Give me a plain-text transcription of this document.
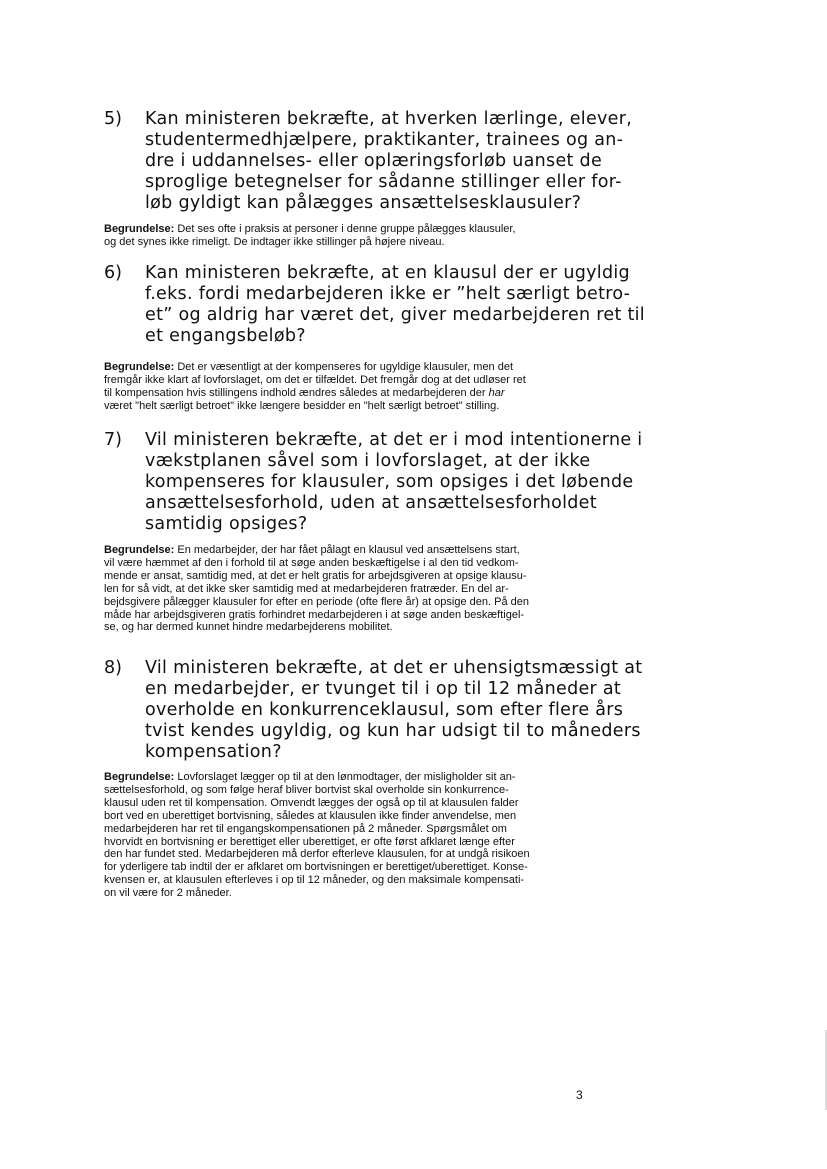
5) Kan ministeren bekræfte, at hverken lærlinge, elever,
studentermedhjælpere, praktikanter, trainees og an-
dre i uddannelses- eller oplæringsforløb uanset de
sproglige betegnelser for sådanne stillinger eller for-
løb gyldigt kan pålægges ansættelsesklausuler?
Begrundelse: Det ses ofte i praksis at personer i denne gruppe pålægges klausuler,
og det synes ikke rimeligt. De indtager ikke stillinger på højere niveau.
6) Kan ministeren bekræfte, at en klausul der er ugyldig
f.eks. fordi medarbejderen ikke er ”helt særligt betro-
et” og aldrig har været det, giver medarbejderen ret til
et engangsbeløb?
Begrundelse: Det er væsentligt at der kompenseres for ugyldige klausuler, men det
fremgår ikke klart af lovforslaget, om det er tilfældet. Det fremgår dog at det udløser ret
til kompensation hvis stillingens indhold ændres således at medarbejderen der har
været "helt særligt betroet" ikke længere besidder en "helt særligt betroet" stilling.
7) Vil ministeren bekræfte, at det er i mod intentionerne i
vækstplanen såvel som i lovforslaget, at der ikke
kompenseres for klausuler, som opsiges i det løbende
ansættelsesforhold, uden at ansættelsesforholdet
samtidig opsiges?
Begrundelse: En medarbejder, der har fået pålagt en klausul ved ansættelsens start,
vil være hæmmet af den i forhold til at søge anden beskæftigelse i al den tid vedkom-
mende er ansat, samtidig med, at det er helt gratis for arbejdsgiveren at opsige klausu-
len for så vidt, at det ikke sker samtidig med at medarbejderen fratræder. En del ar-
bejdsgivere pålægger klausuler for efter en periode (ofte flere år) at opsige den. På den
måde har arbejdsgiveren gratis forhindret medarbejderen i at søge anden beskæftigel-
se, og har dermed kunnet hindre medarbejderens mobilitet.
8) Vil ministeren bekræfte, at det er uhensigtsmæssigt at
en medarbejder, er tvunget til i op til 12 måneder at
overholde en konkurrenceklausul, som efter flere års
tvist kendes ugyldig, og kun har udsigt til to måneders
kompensation?
Begrundelse: Lovforslaget lægger op til at den lønmodtager, der misligholder sit an-
sættelsesforhold, og som følge heraf bliver bortvist skal overholde sin konkurrence-
klausul uden ret til kompensation. Omvendt lægges der også op til at klausulen falder
bort ved en uberettiget bortvisning, således at klausulen ikke finder anvendelse, men
medarbejderen har ret til engangskompensationen på 2 måneder. Spørgsmålet om
hvorvidt en bortvisning er berettiget eller uberettiget, er ofte først afklaret længe efter
den har fundet sted. Medarbejderen må derfor efterleve klausulen, for at undgå risikoen
for yderligere tab indtil der er afklaret om bortvisningen er berettiget/uberettiget. Konse-
kvensen er, at klausulen efterleves i op til 12 måneder, og den maksimale kompensati-
on vil være for 2 måneder.
3
